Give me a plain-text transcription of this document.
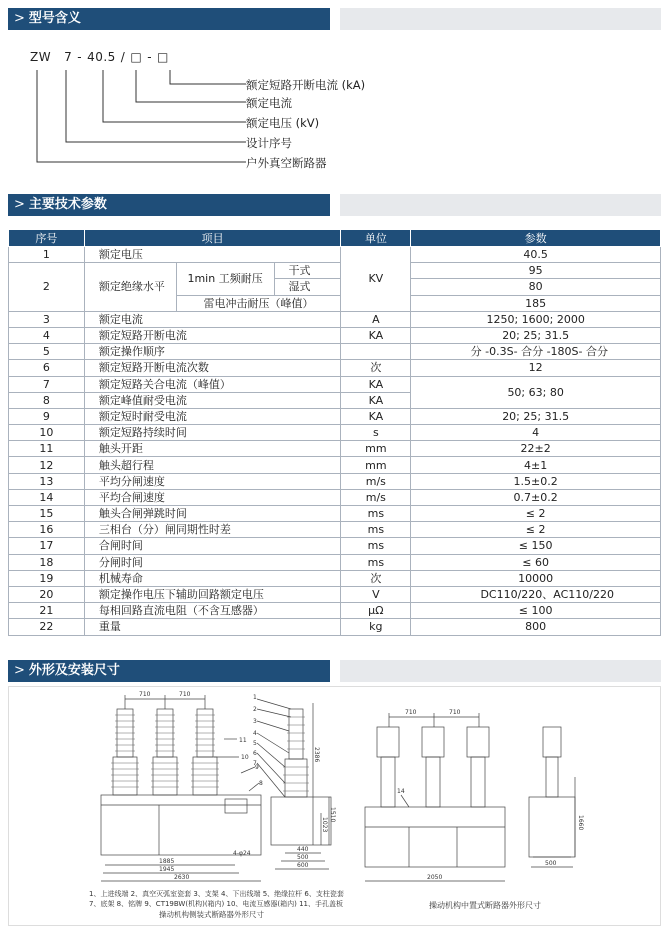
> 型号含义
ZW 7 - 40.5 / □ - □
额定短路开断电流 (kA)
额定电流
额定电压 (kV)
设计序号
户外真空断路器
> 主要技术参数
序号	项目			单位	参数
1	额定电压			KV	40.5
2	额定绝缘水平	1min 工频耐压	干式		95
			湿式		80
		雷电冲击耐压（峰值）			185
3	额定电流			A	1250; 1600; 2000
4	额定短路开断电流			KA	20; 25; 31.5
5	额定操作顺序				分 -0.3S- 合分 -180S- 合分
6	额定短路开断电流次数			次	12
7	额定短路关合电流（峰值）			KA	50; 63; 80
8	额定峰值耐受电流			KA	
9	额定短时耐受电流			KA	20; 25; 31.5
10	额定短路持续时间			s	4
11	触头开距			mm	22±2
12	触头超行程			mm	4±1
13	平均分闸速度			m/s	1.5±0.2
14	平均合闸速度			m/s	0.7±0.2
15	触头合闸弹跳时间			ms	≤ 2
16	三相台（分）闸同期性时差			ms	≤ 2
17	合闸时间			ms	≤ 150
18	分闸时间			ms	≤ 60
19	机械寿命			次	10000
20	额定操作电压下辅助回路额定电压			V	DC110/220、AC110/220
21	每相回路直流电阻（不含互感器）			μΩ	≤ 100
22	重量			kg	800
> 外形及安装尺寸
710	710
1885
1945
2630
4-φ24
11
10
9
8
1
2
3
4
5
6
7
2386
1510
1023
440
500
600
710	710
2050
14
1660
500
1、上进线端 2、真空灭弧室瓷套 3、支架 4、下出线端 5、绝缘拉杆 6、支柱瓷套
7、底架 8、铭牌 9、CT19BW(机构)(箱内) 10、电流互感器(箱内) 11、手孔盖板
操动机构侧装式断路器外形尺寸
操动机构中置式断路器外形尺寸
